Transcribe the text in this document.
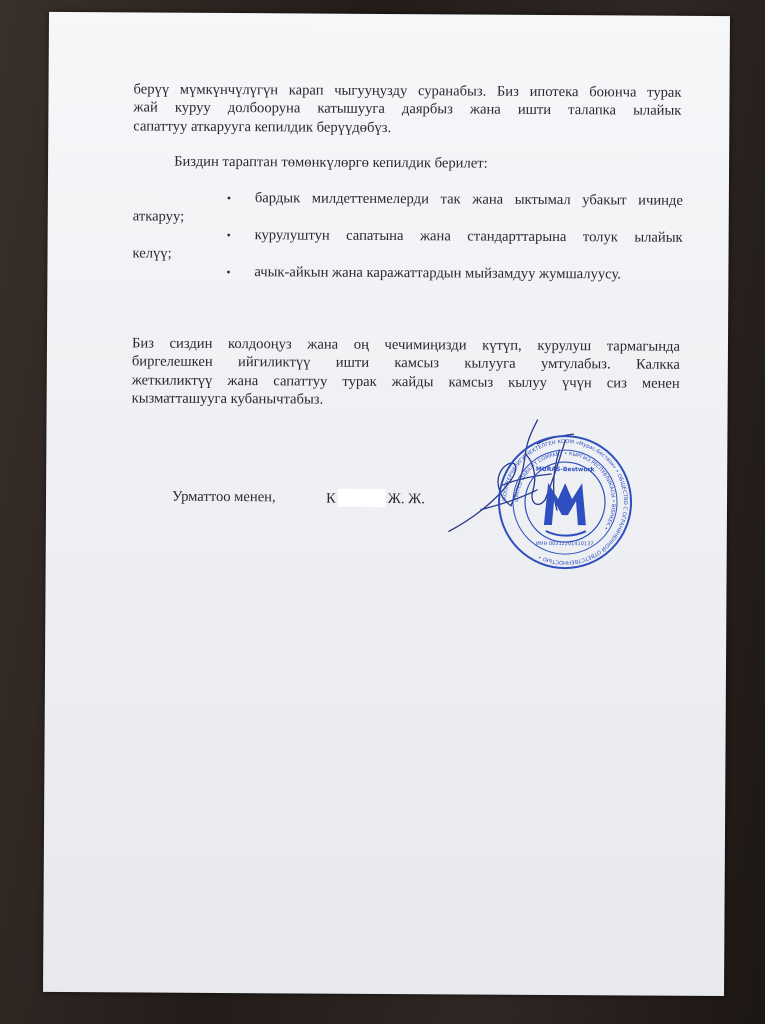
берүү мүмкүнчүлүгүн карап чыгууңузду суранабыз. Биз ипотека боюнча турак
жай куруу долбооруна катышууга даярбыз жана ишти талапка ылайык
сапаттуу аткарууга кепилдик берүүдөбүз.
Биздин тараптан төмөнкүлөргө кепилдик берилет:
• бардык милдеттенмелерди так жана ыктымал убакыт ичинде
аткаруу;
• курулуштун сапатына жана стандарттарына толук ылайык
келүү;
• ачык-айкын жана каражаттардын мыйзамдуу жумшалуусу.
Биз сиздин колдооңуз жана оң чечимиңизди күтүп, курулуш тармагында
биргелешкен ийгиликтүү ишти камсыз кылууга умтулабыз. Калкка
жеткиликтүү жана сапаттуу турак жайды камсыз кылуу үчүн сиз менен
кызматташууга кубанычтабыз.
Урматтоо менен,	К	Ж. Ж.	ЖООПКЕРЧИЛИГИ ЧЕКТЕЛГЕН КООМ «Мурас-Бествок» • ОБЩЕСТВО С ОГРАНИЧЕННОЙ ОТВЕТСТВЕННОСТЬЮ •
LIMITED LIABILITY COMPANY • КЫРГЫЗ РЕСПУБЛИКАСЫ • BISHKEK •
MURAS-Bestwork
ИНН 00312201410137
